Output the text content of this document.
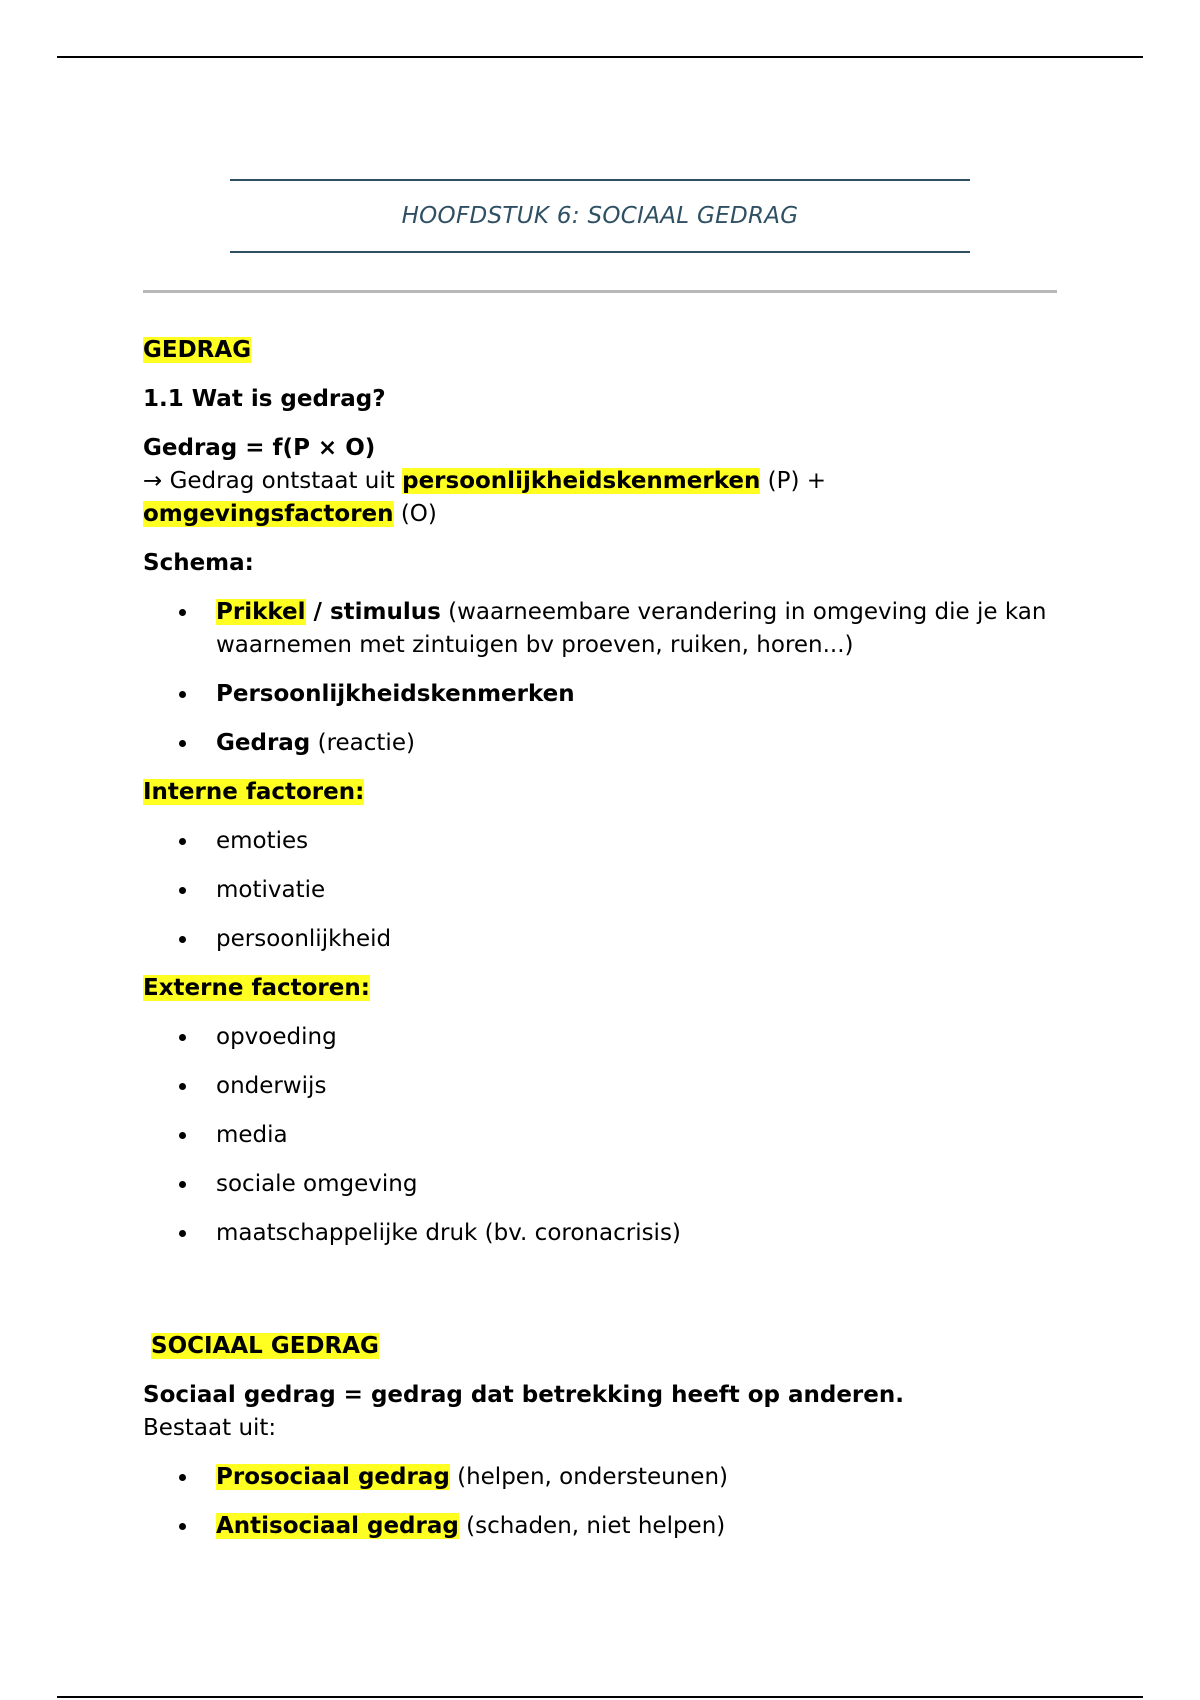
HOOFDSTUK 6: SOCIAAL GEDRAG

GEDRAG

1.1 Wat is gedrag?

Gedrag = f(P × O)

→ Gedrag ontstaat uit persoonlijkheidskenmerken (P) +
omgevingsfactoren (O)

Schema:

Prikkel / stimulus (waarneembare verandering in omgeving die je kan waarnemen met zintuigen bv proeven, ruiken, horen...)
Persoonlijkheidskenmerken
Gedrag (reactie)

Interne factoren:

emoties
motivatie
persoonlijkheid

Externe factoren:

opvoeding
onderwijs
media
sociale omgeving
maatschappelijke druk (bv. coronacrisis)

SOCIAAL GEDRAG

Sociaal gedrag = gedrag dat betrekking heeft op anderen.

Bestaat uit:

Prosociaal gedrag (helpen, ondersteunen)
Antisociaal gedrag (schaden, niet helpen)
